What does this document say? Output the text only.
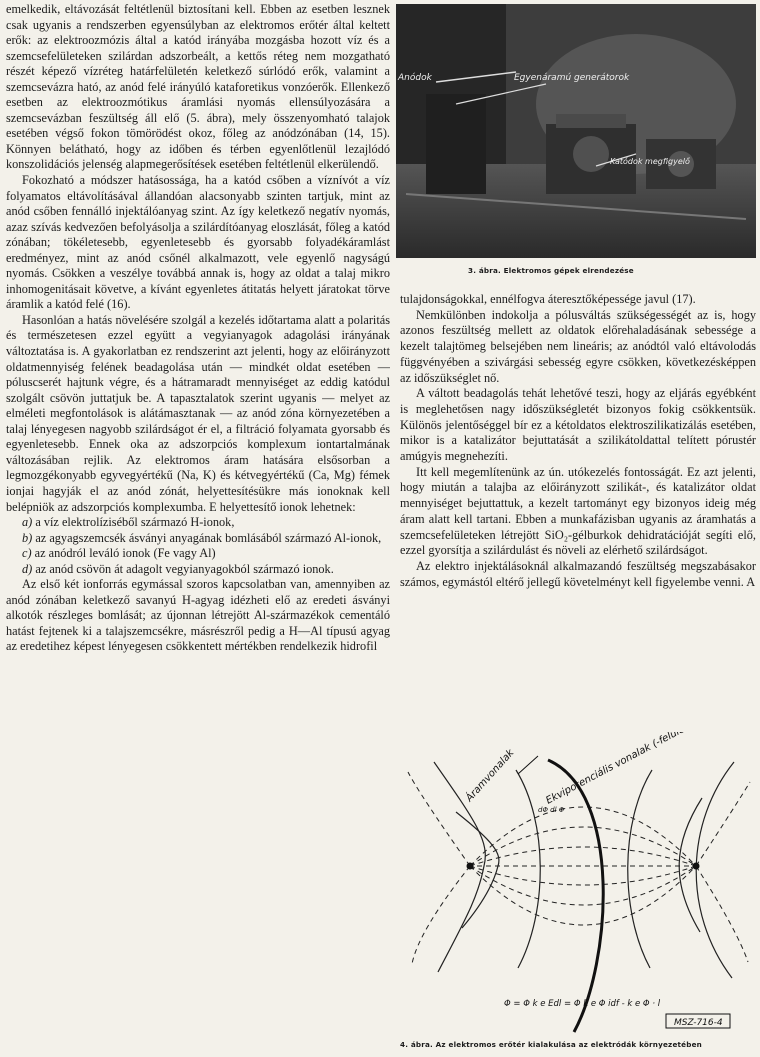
emelkedik, eltávozását feltétlenül biztosítani kell. Ebben az esetben lesznek csak ugyanis a rendszerben egyensúlyban az elektromos erőtér által keltett erők: az elektroozmózis által a katód irányába mozgásba hozott víz és a szemcsefelületeken szilárdan adszorbeált, a kettős réteg nem mozgatható részét képező vízréteg határfelületén keletkező súrlódó erők, valamint a szemcsevázra ható, az anód felé irányúló kataforetikus vonzóerők. Ellenkező esetben az elektroozmótikus áramlási nyomás ellensúlyozására a szemcsevázban feszültség áll elő (5. ábra), mely összenyomható talajok esetében végső fokon tömörödést okoz, főleg az anódzónában (14, 15). Könnyen belátható, hogy az időben és térben egyenlőtlenül lezajlódó konszolidációs jelenség alapmegerősítések esetében feltétlenül elkerülendő.

Fokozható a módszer hatásossága, ha a katód csőben a víznívót a víz folyamatos eltávolításával állandóan alacsonyabb szinten tartjuk, mint az anód csőben fennálló injektálóanyag szint. Az így keletkező negatív nyomás, azaz szívás kedvezően befolyásolja a szilárdítóanyag eloszlását, főleg a katód zónában; tökéletesebb, egyenletesebb és gyorsabb folyadékáramlást eredményez, mint az anód csőnél alkalmazott, vele egyenlő nagyságú nyomás. Csökken a veszélye továbbá annak is, hogy az oldat a talaj mikro inhomogenitásait követve, a kívánt egyenletes átitatás helyett járatokat törve áramlik a katód felé (16).

Hasonlóan a hatás növelésére szolgál a kezelés időtartama alatt a polaritás és természetesen ezzel együtt a vegyianyagok adagolási irányának változtatása is. A gyakorlatban ez rendszerint azt jelenti, hogy az előirányzott oldatmennyiség felének beadagolása után — mindkét oldat esetében — póluscserét hajtunk végre, és a hátramaradt mennyiséget az eddig katódul szolgált csövön juttatjuk be. A tapasztalatok szerint ugyanis — melyet az elméleti megfontolások is alátámasztanak — az anód zóna környezetében a talaj lényegesen nagyobb szilárdságot ér el, a filtráció folyamata gyorsabb és egyenletesebb. Ennek oka az adszorpciós komplexum iontartalmának változásában rejlik. Az elektromos áram hatására elsősorban a legmozgékonyabb egyvegyértékű (Na, K) és kétvegyértékű (Ca, Mg) fémek ionjai hagyják el az anód zónát, helyettesítésükre más ionoknak kell belépniök az adszorpciós komplexumba. E helyettesítő ionok lehetnek:

a) a víz elektrolíziséből származó H-ionok,

b) az agyagszemcsék ásványi anyagának bomlásából származó Al-ionok,

c) az anódról leváló ionok (Fe vagy Al)

d) az anód csövön át adagolt vegyianyagokból származó ionok.

Az első két ionforrás egymással szoros kapcsolatban van, amennyiben az anód zónában keletkező savanyú H-agyag idézheti elő az eredeti ásványi alkotók részleges bomlását; az újonnan létrejött Al-származékok cementáló hatást fejtenek ki a talajszemcsékre, másrészről pedig a H—Al típusú agyag az eredetihez képest lényegesen csökkentett mértékben rendelkezik hidrofil

Anódok	Egyenáramú generátorok
Katódok megfigyelő
3. ábra. Elektromos gépek elrendezése

tulajdonságokkal, ennélfogva áteresztőképessége javul (17).

Nemkülönben indokolja a pólusváltás szükségességét az is, hogy azonos feszültség mellett az oldatok előrehaladásának sebessége a kezelt talajtömeg belsejében nem lineáris; az anódtól való eltávolodás függvényében a szivárgási sebesség egyre csökken, következésképpen az időszükséglet nő.

A váltott beadagolás tehát lehetővé teszi, hogy az eljárás egyébként is meglehetősen nagy időszükségletét bizonyos fokig csökkentsük. Különös jelentőséggel bír ez a kétoldatos elektroszilikatizálás esetében, mikor is a katalizátor bejuttatását a szilikátoldattal telített pórustér amúgyis megnehezíti.

Itt kell megemlítenünk az ún. utókezelés fontosságát. Ez azt jelenti, hogy miután a talajba az előirányzott szilikát-, és katalizátor oldat mennyiséget bejuttattuk, a kezelt tartományt egy bizonyos ideig még áram alatt kell tartani. Ebben a munkafázisban ugyanis az áramhatás a szemcsefelületeken létrejött SiO₂-gélburkok dehidratációját segíti elő, ezzel gyorsítja a szilárdulást és növeli az elérhető szilárdságot.

Az elektro injektálásoknál alkalmazandó feszültség megszabásakor számos, egymástól eltérő jellegű követelményt kell figyelembe venni. A

Ekvipotenciális vonalak (-felületek)
Áramvonalak
dΦ dl Φ
Φ = Φ k e Edl = Φ k e Φ idf - k e Φ · l
MSZ-716-4
4. ábra. Az elektromos erőtér kialakulása az elektródák környezetében
